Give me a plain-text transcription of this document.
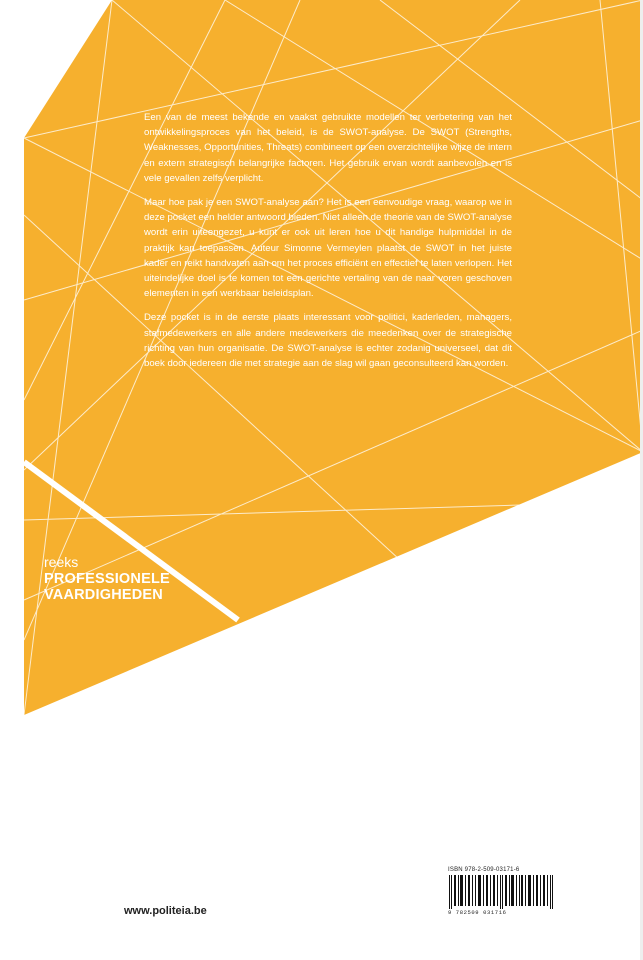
Een van de meest bekende en vaakst gebruikte modellen ter verbetering van het ontwikkelingsproces van het beleid, is de SWOT-analyse. De SWOT (Strengths, Weaknesses, Opportunities, Threats) combineert op een overzichtelijke wijze de intern en extern strategisch belangrijke factoren. Het gebruik ervan wordt aanbevolen en is vele gevallen zelfs verplicht.

Maar hoe pak je een SWOT-analyse aan? Het is een eenvoudige vraag, waarop we in deze pocket een helder antwoord bieden. Niet alleen de theorie van de SWOT-analyse wordt erin uiteengezet, u kunt er ook uit leren hoe u dit handige hulpmiddel in de praktijk kan toepassen. Auteur Simonne Vermeylen plaatst de SWOT in het juiste kader en reikt handvaten aan om het proces efficiënt en effectief te laten verlopen. Het uiteindelijke doel is te komen tot een gerichte vertaling van de naar voren geschoven elementen in een werkbaar beleidsplan.

Deze pocket is in de eerste plaats interessant voor politici, kaderleden, managers, stafmedewerkers en alle andere medewerkers die meedenken over de strategische richting van hun organisatie. De SWOT-analyse is echter zodanig universeel, dat dit boek door iedereen die met strategie aan de slag wil gaan geconsulteerd kan worden.

reeks
PROFESSIONELE
VAARDIGHEDEN
www.politeia.be
ISBN 978-2-509-03171-6
9 782509 031716
